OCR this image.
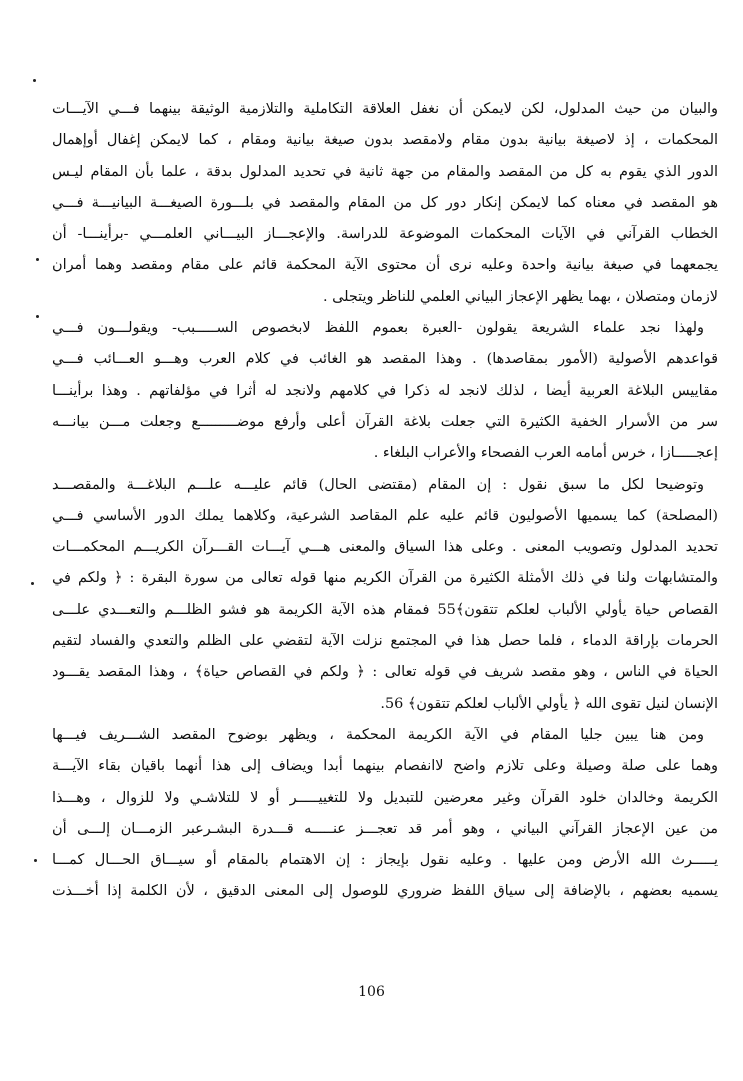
والبيان من حيث المدلول، لكن لايمكن أن نغفل العلاقة التكاملية والتلازمية الوثيقة بينهما فـــي الآيـــات
المحكمات ، إذ لاصيغة بيانية بدون مقام ولامقصد بدون صيغة بيانية ومقام ، كما لايمكن إغفال أوإهمال
الدور الذي يقوم به كل من المقصد والمقام من جهة ثانية في تحديد المدلول بدقة ، علما بأن المقام ليـس
هو المقصد في معناه كما لايمكن إنكار دور كل من المقام والمقصد في بلـــورة الصيغـــة البيانيـــة فـــي
الخطاب القرآني في الآيات المحكمات الموضوعة للدراسة. والإعجـــاز البيـــاني العلمـــي -برأينـــا- أن
يجمعهما في صيغة بيانية واحدة وعليه نرى أن محتوى الآية المحكمة قائم على مقام ومقصد وهما أمران
لازمان ومتصلان ، بهما يظهر الإعجاز البياني العلمي للناظر ويتجلى .
ولهذا نجد علماء الشريعة يقولون -العبرة بعموم اللفظ لابخصوص الســـــبب- ويقولـــون فـــي
قواعدهم الأصولية (الأمور بمقاصدها) . وهذا المقصد هو الغائب في كلام العرب وهـــو العـــائب فـــي
مقاييس البلاغة العربية أيضا ، لذلك لانجد له ذكرا في كلامهم ولانجد له أثرا في مؤلفاتهم . وهذا برأينـــا
سر من الأسرار الخفية الكثيرة التي جعلت بلاغة القرآن أعلى وأرفع موضـــــــــع وجعلت مـــن بيانـــه
إعجـــــازا ، خرس أمامه العرب الفصحاء والأعراب البلغاء .
وتوضيحا لكل ما سبق نقول : إن المقام (مقتضى الحال) قائم عليـــه علـــم البلاغـــة والمقصـــد
(المصلحة) كما يسميها الأصوليون قائم عليه علم المقاصد الشرعية، وكلاهما يملك الدور الأساسي فـــي
تحديد المدلول وتصويب المعنى . وعلى هذا السياق والمعنى هـــي آيـــات القـــرآن الكريـــم المحكمـــات
والمتشابهات ولنا في ذلك الأمثلة الكثيرة من القرآن الكريم منها قوله تعالى من سورة البقرة : ﴿ ولكم في
القصاص حياة يأولي الألباب لعلكم تتقون﴾55 فمقام هذه الآية الكريمة هو فشو الظلـــم والتعـــدي علـــى
الحرمات بإراقة الدماء ، فلما حصل هذا في المجتمع نزلت الآية لتقضي على الظلم والتعدي والفساد لتقيم
الحياة في الناس ، وهو مقصد شريف في قوله تعالى : ﴿ ولكم في القصاص حياة﴾ ، وهذا المقصد يقـــود
الإنسان لنيل تقوى الله ﴿ يأولي الألباب لعلكم تتقون﴾ 56.
ومن هنا يبين جليا المقام في الآية الكريمة المحكمة ، ويظهر بوضوح المقصد الشـــريف فيـــها
وهما على صلة وصيلة وعلى تلازم واضح لاانفصام بينهما أبدا ويضاف إلى هذا أنهما باقيان بقاء الآيـــة
الكريمة وخالدان خلود القرآن وغير معرضين للتبديل ولا للتغييـــــر أو لا للتلاشـي ولا للزوال ، وهـــذا
من عين الإعجاز القرآني البياني ، وهو أمر قد تعجـــز عنـــــه قـــدرة البشـرعبر الزمـــان إلـــى أن
يـــــرث الله الأرض ومن عليها . وعليه نقول بإيجاز : إن الاهتمام بالمقام أو سيـــاق الحـــال كمـــا
يسميه بعضهم ، بالإضافة إلى سياق اللفظ ضروري للوصول إلى المعنى الدقيق ، لأن الكلمة إذا أخـــذت
106
